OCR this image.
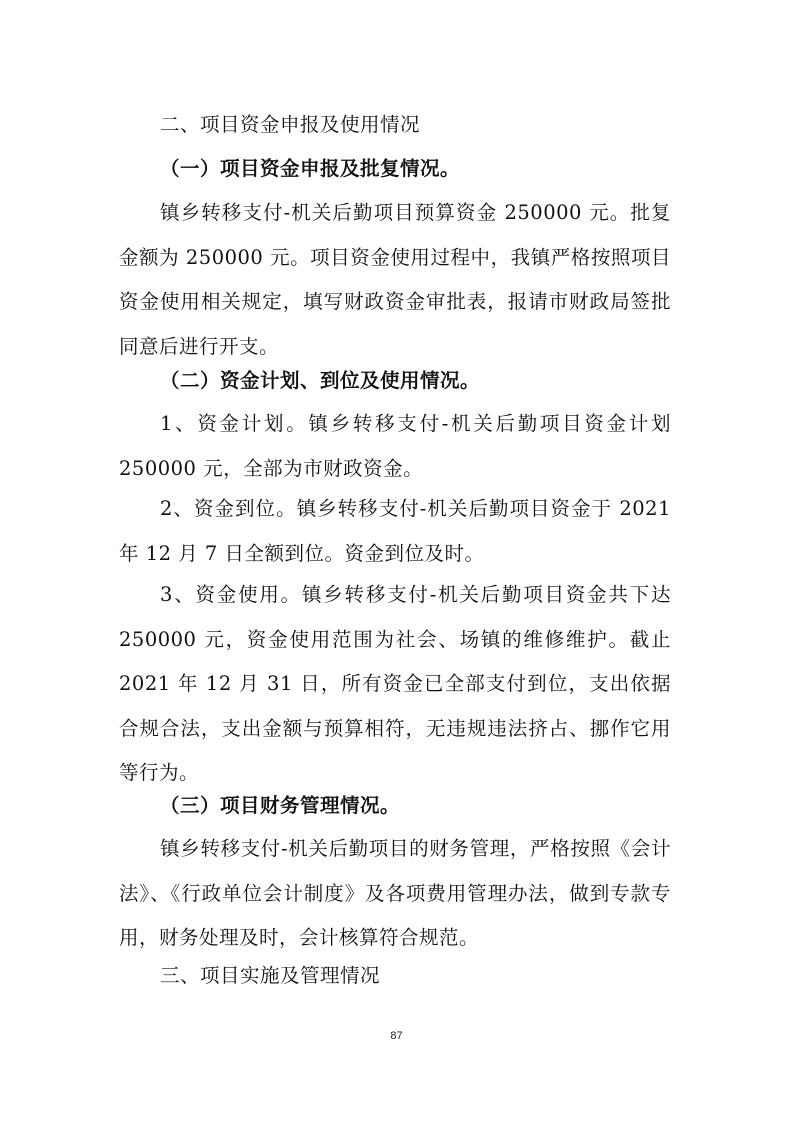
二、项目资金申报及使用情况

（一）项目资金申报及批复情况。

镇乡转移支付-机关后勤项目预算资金 250000 元。批复金额为 250000 元。项目资金使用过程中，我镇严格按照项目资金使用相关规定，填写财政资金审批表，报请市财政局签批同意后进行开支。

（二）资金计划、到位及使用情况。

1、资金计划。镇乡转移支付-机关后勤项目资金计划 250000 元，全部为市财政资金。

2、资金到位。镇乡转移支付-机关后勤项目资金于 2021 年 12 月 7 日全额到位。资金到位及时。

3、资金使用。镇乡转移支付-机关后勤项目资金共下达 250000 元，资金使用范围为社会、场镇的维修维护。截止 2021 年 12 月 31 日，所有资金已全部支付到位，支出依据合规合法，支出金额与预算相符，无违规违法挤占、挪作它用等行为。

（三）项目财务管理情况。

镇乡转移支付-机关后勤项目的财务管理，严格按照《会计法》、《行政单位会计制度》及各项费用管理办法，做到专款专用，财务处理及时，会计核算符合规范。

三、项目实施及管理情况

87
